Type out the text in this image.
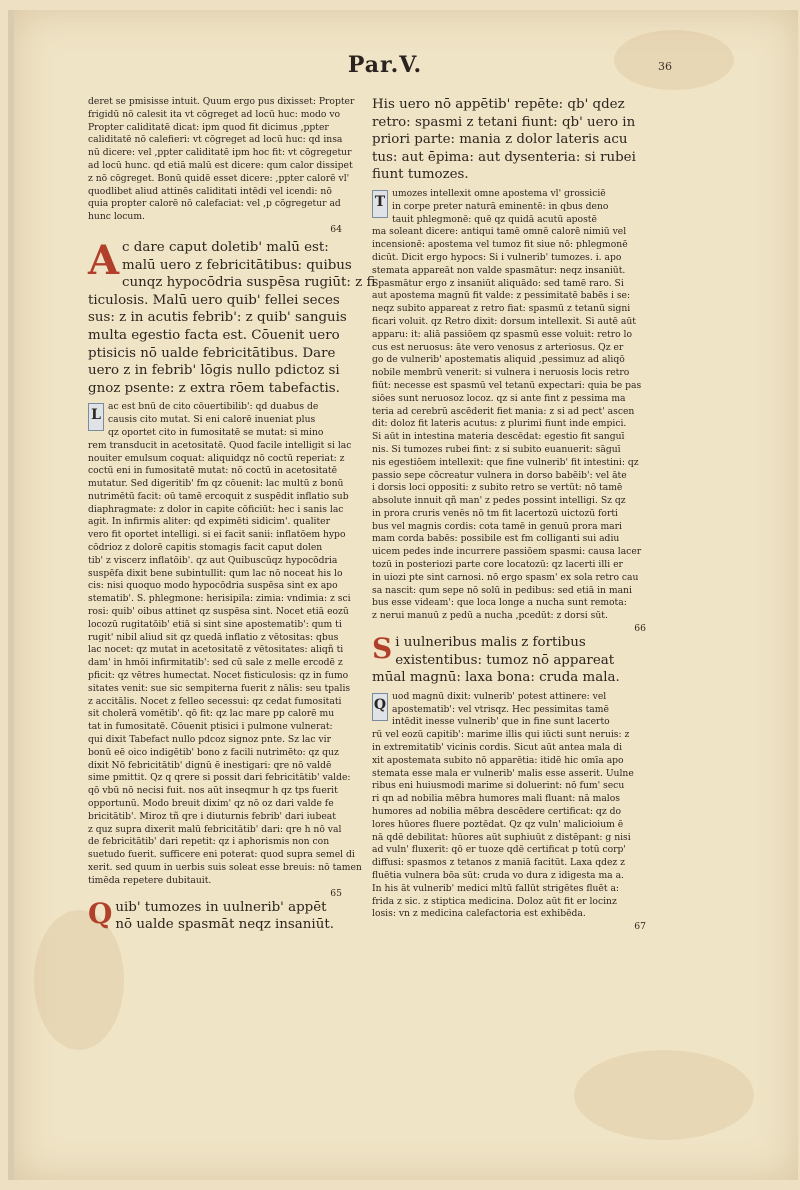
Par.V.	36
deret se pmisisse intuit. Quum ergo pus dixisset: Propter
frigidū nō calesit ita vt cōgreget ad locū huc: modo vo
Propter caliditatē dicat: ipm quod fit dicimus ,ppter
caliditatē nō calefieri: vt cōgreget ad locū huc: qd insa
nū dicere: vel ,ppter caliditatē ipm hoc fit: vt cōgregetur
ad locū hunc. qd etiā malū est dicere: qum calor dissipet
z nō cōgreget. Bonū quidē esset dicere: ,ppter calorē vl'
quodlibet aliud attinēs caliditati intēdi vel icendi: nō
quia propter calorē nō calefaciat: vel ,p cōgregetur ad
hunc locum.
64
A c dare caput doletib' malū est:
malū uero z febricitātibus: quibus
cunqz hypocōdria suspēsa rugiūt: z fi
ticulosis. Malū uero quib' fellei seces
sus: z in acutis febrib': z quib' sanguis
multa egestio facta est. Cōuenit uero
ptisicis nō ualde febricitātibus. Dare
uero z in febrib' lōgis nullo pdictoz si
gnoz psente: z extra rōem tabefactis.
L
ac est bnū de cito cōuertibilib': qd duabus de
causis cito mutat. Si eni calorē inueniat plus
qz oportet cito in fumositatē se mutat: si mino
rem transducit in acetositatē. Quod facile intelligit si lac
nouiter emulsum coquat: aliquidqz nō coctū reperiat: z
coctū eni in fumositatē mutat: nō coctū in acetositatē
mutatur. Sed digeritib' fm qz cōuenit: lac multū z bonū
nutrimētū facit: oū tamē ercoquit z suspēdit inflatio sub
diaphragmate: z dolor in capite cōficiūt: hec i sanis lac
agit. In infirmis aliter: qd expimēti sidicim'. qualiter
vero fit oportet intelligi. si ei facit sanii: inflatōem hypo
cōdrioz z dolorē capitis stomagis facit caput dolen
tib' z viscerz inflatōib'. qz aut Quibuscūqz hypocōdria
suspēfa dixit bene subintullit: qum lac nō noceat his lo
cis: nisi quoquo modo hypocōdria suspēsa sint ex apo
stematib'. S. phlegmone: herisipila: zimia: vndimia: z sci
rosi: quib' oibus attinet qz suspēsa sint. Nocet etiā eozū
locozū rugitatōib' etiā si sint sine apostematib': qum ti
rugit' nibil aliud sit qz quedā inflatio z vētositas: qbus
lac nocet: qz mutat in acetositatē z vētositates: aliqñ ti
dam' in hmōi infirmitatib': sed cū sale z melle ercodē z
pficit: qz vētres humectat. Nocet fisticulosis: qz in fumo
sitates venit: sue sic sempiterna fuerit z nālis: seu tpalis
z accitālis. Nocet z felleo secessui: qz cedat fumositati
sit cholerā vomētib'. qō fit: qz lac mare pp calorē mu
tat in fumositatē. Cōuenit ptisici i pulmone vulnerat:
qui dixit Tabefact nullo pdcoz signoz pnte. Sz lac vir
bonū eē oico indigētib' bono z facili nutrimēto: qz quz
dixit Nō febricitātib' dignū ē inestigari: qre nō valdē
sime pmittit. Qz q qrere si possit dari febricitātib' valde:
qō vbū nō necisi fuit. nos aūt inseqmur h qz tps fuerit
opportunū. Modo breuit dixim' qz nō oz dari valde fe
bricitātib'. Miroz tñ qre i diuturnis febrib' dari iubeat
z quz supra dixerit malū febricitātib' dari: qre h nō val
de febricitātib' dari repetit: qz i aphorismis non con
suetudo fuerit. sufficere eni poterat: quod supra semel di
xerit. sed quum in uerbis suis soleat esse breuis: nō tamen
timēda repetere dubitauit.
65
Q uib' tumozes in uulnerib' appēt
nō ualde spasmāt neqz insaniūt.
His uero nō appētib' repēte: qb' qdez
retro: spasmi z tetani fiunt: qb' uero in
priori parte: mania z dolor lateris acu
tus: aut ēpima: aut dysenteria: si rubei
fiunt tumozes.
T
umozes intellexit omne apostema vl' grossiciē
in corpe preter naturā eminentē: in qbus deno
tauit phlegmonē: quē qz quidā acutū apostē
ma soleant dicere: antiqui tamē omnē calorē nimiū vel
incensionē: apostema vel tumoz fit siue nō: phlegmonē
dicūt. Dicit ergo hypocs: Si i vulnerib' tumozes. i. apo
stemata appareāt non valde spasmātur: neqz insaniūt.
Spasmātur ergo z insaniūt aliquādo: sed tamē raro. Si
aut apostema magnū fit valde: z pessimitatē babēs i se:
neqz subito appareat z retro fiat: spasmū z tetanū signi
ficari voluit. qz Retro dixit: dorsum intellexit. Si autē aūt
apparu: it: aliā passiōem qz spasmū esse voluit: retro lo
cus est neruosus: āte vero venosus z arteriosus. Qz er
go de vulnerib' apostematis aliquid ,pessimuz ad aliqō
nobile membrū venerit: si vulnera i neruosis locis retro
fiūt: necesse est spasmū vel tetanū expectari: quia be pas
siōes sunt neruosoz locoz. qz si ante fint z pessima ma
teria ad cerebrū ascēderit fiet mania: z si ad pect' ascen
dit: doloz fit lateris acutus: z plurimi fiunt inde empici.
Si aūt in intestina materia descēdat: egestio fit sanguī
nis. Si tumozes rubei fint: z si subito euanuerit: sāguī
nis egestiōem intellexit: que fine vulnerib' fit intestini: qz
passio sepe cōcreatur vulnera in dorso babēib': vel āte
i dorsis loci oppositi: z subito retro se vertūt: nō tamē
absolute innuit qñ man' z pedes possint intelligi. Sz qz
in prora cruris venēs nō tm fit lacertozū uictozū forti
bus vel magnis cordis: cota tamē in genuū prora mari
mam corda babēs: possibile est fm colliganti sui adiu
uicem pedes inde incurrere passiōem spasmi: causa lacer
tozū in posteriozi parte core locatozū: qz lacerti illi er
in uiozi pte sint carnosi. nō ergo spasm' ex sola retro cau
sa nascit: qum sepe nō solū in pedibus: sed etiā in mani
bus esse videam': que loca longe a nucha sunt remota:
z nerui manuū z pedū a nucha ,pcedūt: z dorsi sūt.
66
S i uulneribus malis z fortibus
existentibus: tumoz nō appareat
mūal magnū: laxa bona: cruda mala.
Q
uod magnū dixit: vulnerib' potest attinere: vel
apostematib': vel vtrisqz. Hec pessimitas tamē
intēdit inesse vulnerib' que in fine sunt lacerto
rū vel eozū capitib': marime illis qui iūcti sunt neruis: z
in extremitatib' vicinis cordis. Sicut aūt antea mala di
xit apostemata subito nō apparētia: itidē hic omīa apo
stemata esse mala er vulnerib' malis esse asserit. Uulne
ribus eni huiusmodi marime si doluerint: nō fum' secu
ri qn ad nobilia mēbra humores mali fluant: nā malos
humores ad nobilia mēbra descēdere certificat: qz do
lores hūores fluere poztēdat. Qz qz vuln' malicioium ē
nā qdē debilitat: hūores aūt suphiuūt z distēpant: g nisi
ad vuln' fluxerit: qō er tuoze qdē certificat p totū corp'
diffusi: spasmos z tetanos z maniā facitūt. Laxa qdez z
fluētia vulnera bōa sūt: cruda vo dura z idigesta ma a.
In his āt vulnerib' medici mltū fallūt strigētes fluēt a:
frida z sic. z stiptica medicina. Doloz aūt fit er locinz
losis: vn z medicina calefactoria est exhibēda.
67
